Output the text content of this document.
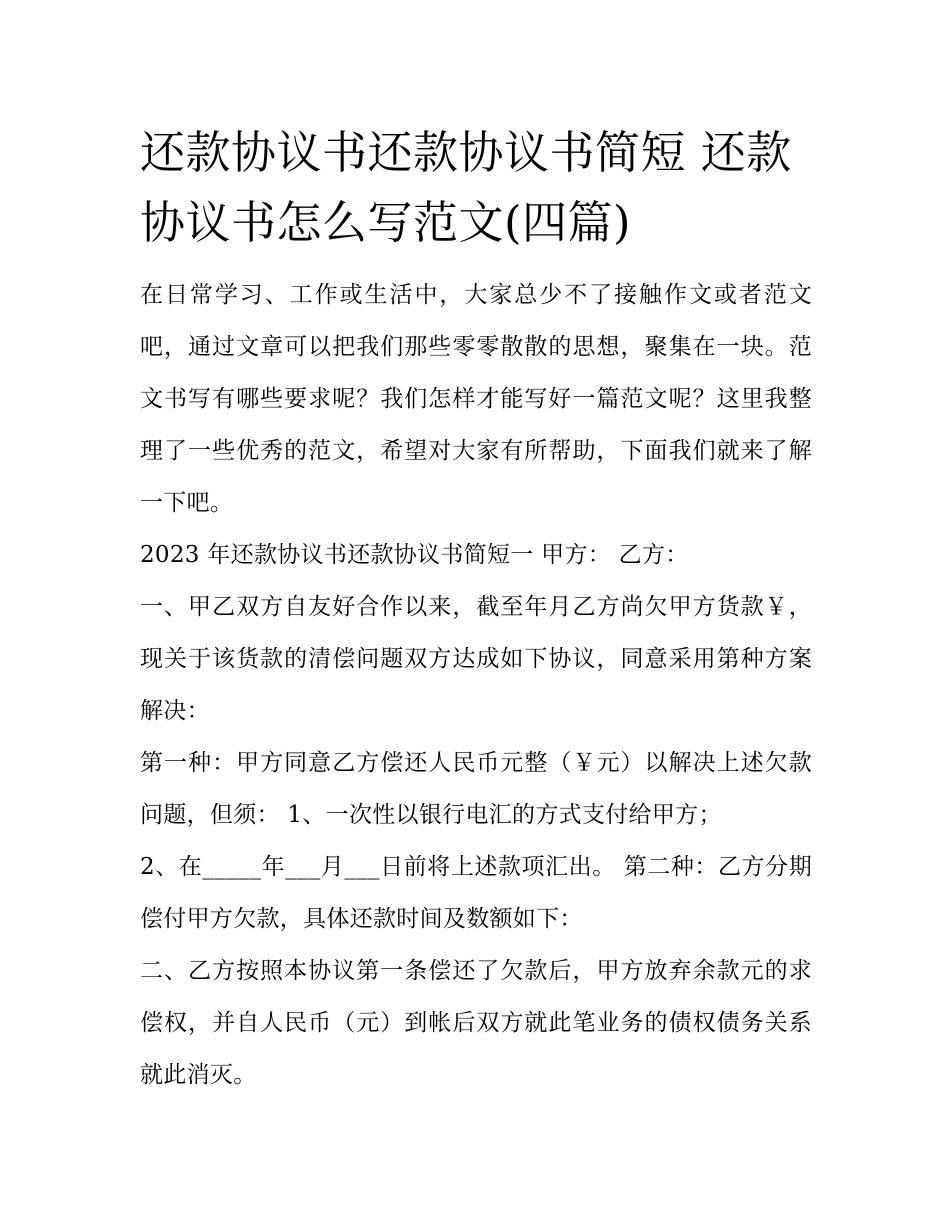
还款协议书还款协议书简短 还款协议书怎么写范文(四篇)

在日常学习、工作或生活中，大家总少不了接触作文或者范文吧，通过文章可以把我们那些零零散散的思想，聚集在一块。范文书写有哪些要求呢？我们怎样才能写好一篇范文呢？这里我整理了一些优秀的范文，希望对大家有所帮助，下面我们就来了解一下吧。

2023 年还款协议书还款协议书简短一 甲方： 乙方：

一、甲乙双方自友好合作以来，截至年月乙方尚欠甲方货款￥，现关于该货款的清偿问题双方达成如下协议，同意采用第种方案解决：

第一种：甲方同意乙方偿还人民币元整（￥元）以解决上述欠款问题，但须： 1、一次性以银行电汇的方式支付给甲方；

2、在_____年___月___日前将上述款项汇出。 第二种：乙方分期偿付甲方欠款，具体还款时间及数额如下：

二、乙方按照本协议第一条偿还了欠款后，甲方放弃余款元的求偿权，并自人民币（元）到帐后双方就此笔业务的债权债务关系就此消灭。
